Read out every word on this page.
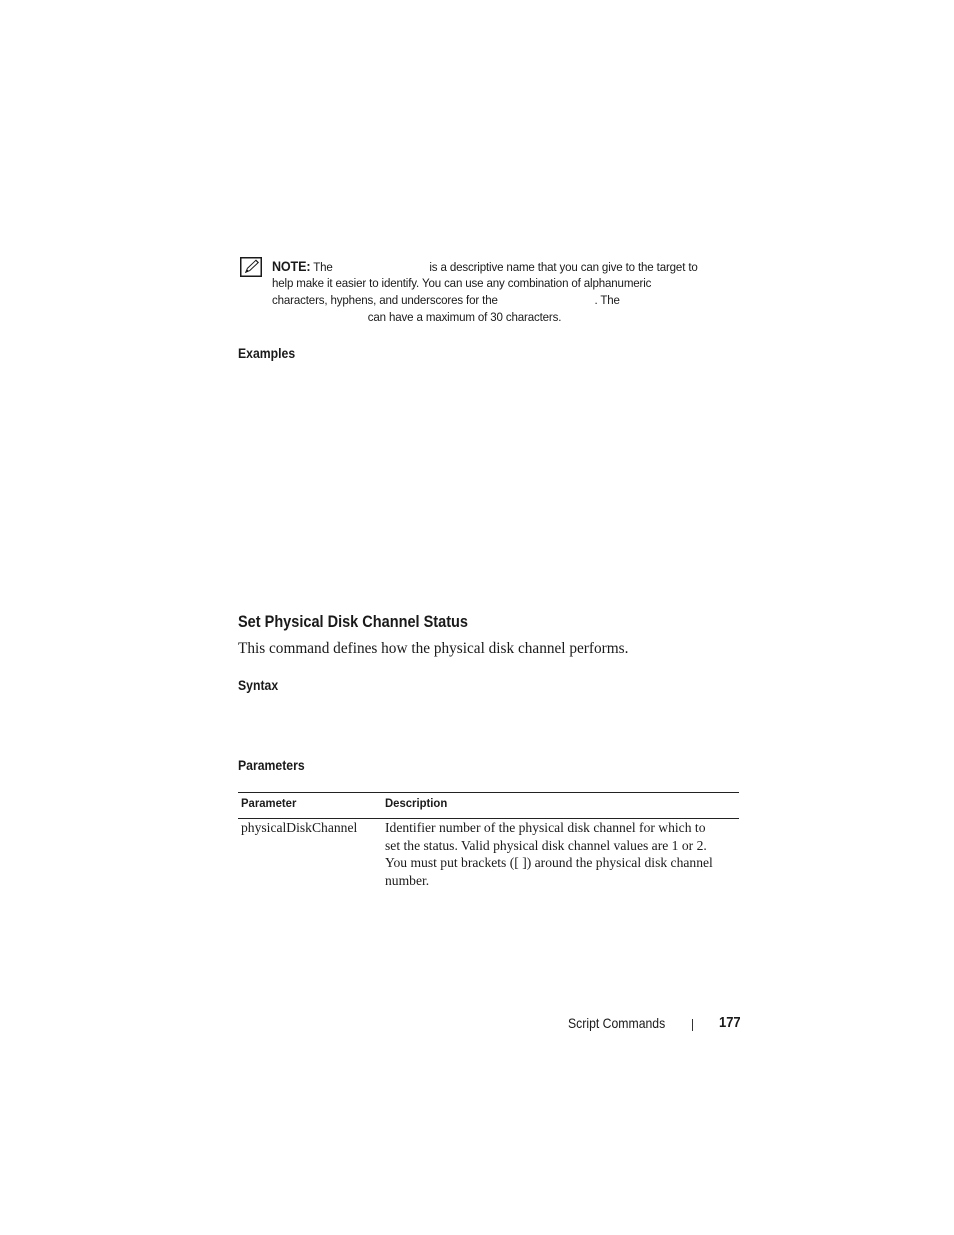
NOTE: The	is a descriptive name that you can give to the target to
help make it easier to identify. You can use any combination of alphanumeric
characters, hyphens, and underscores for the	. The
can have a maximum of 30 characters.
Examples
Set Physical Disk Channel Status
This command defines how the physical disk channel performs.
Syntax
Parameters
Parameter	Description
physicalDiskChannel Identifier number of the physical disk channel for which to
set the status. Valid physical disk channel values are 1 or 2.
You must put brackets ([ ]) around the physical disk channel
number.
Script Commands	177
